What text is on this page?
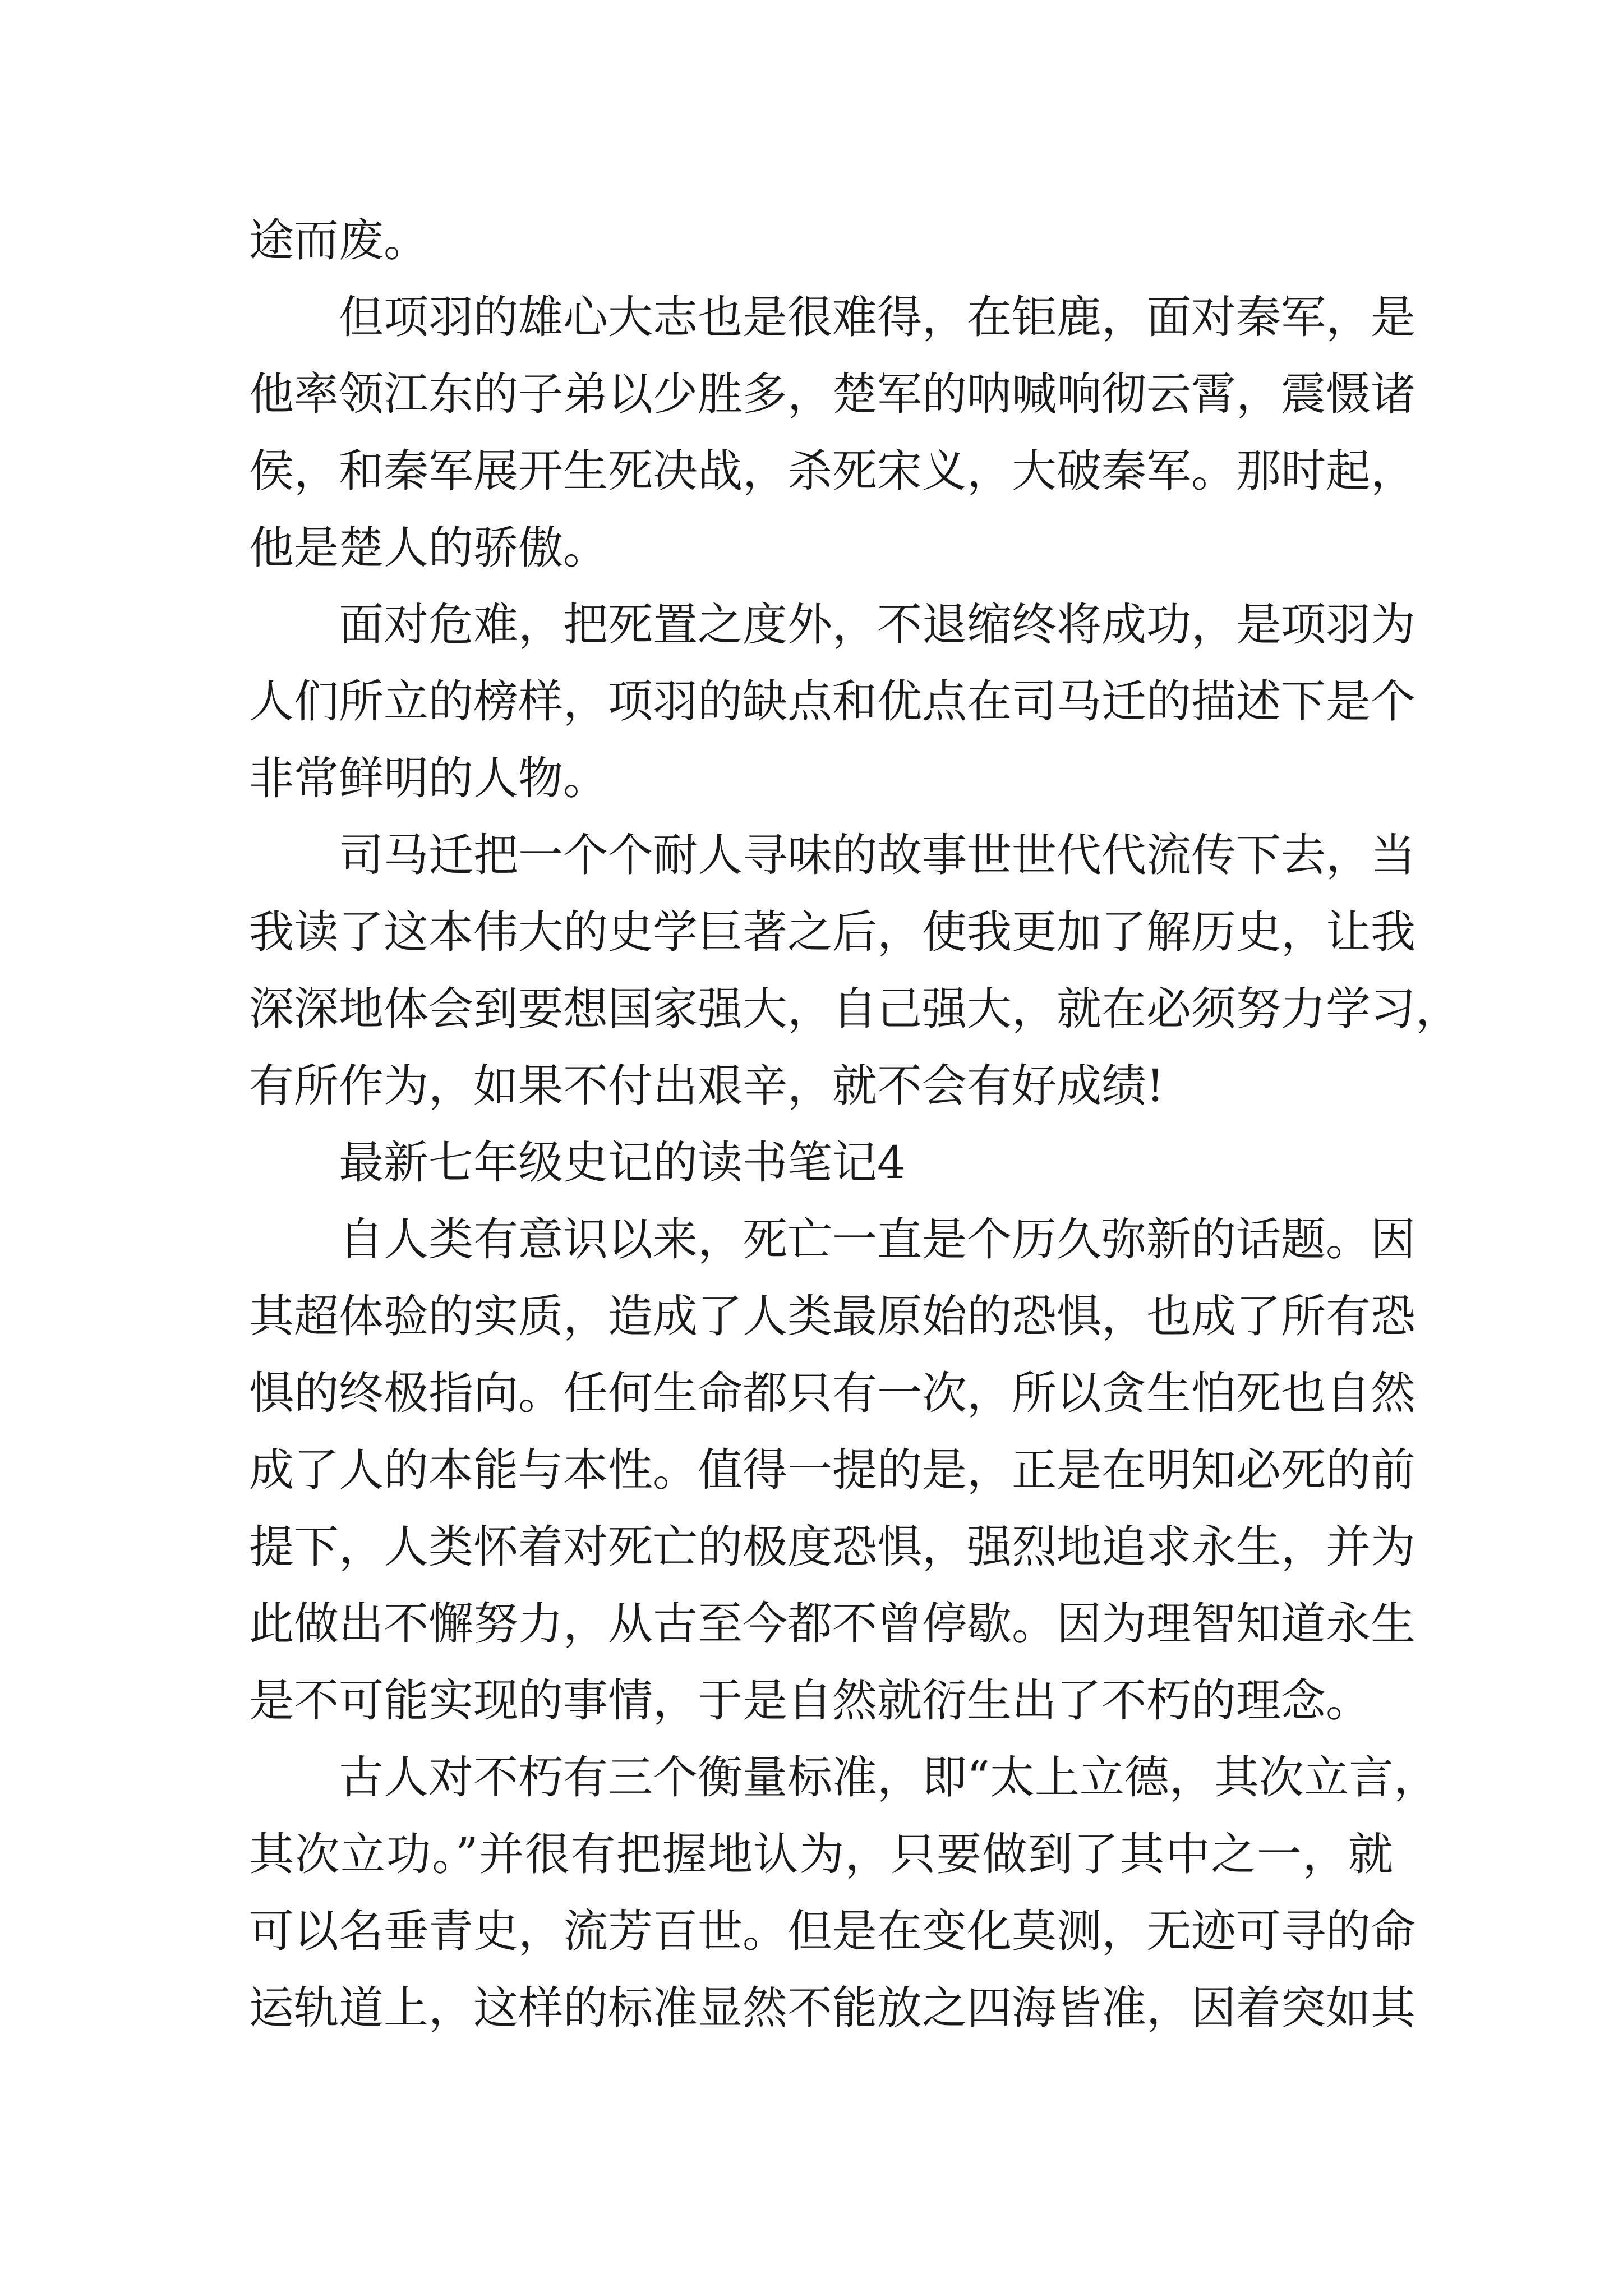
途而废。
但项羽的雄心大志也是很难得，在钜鹿，面对秦军，是
他率领江东的子弟以少胜多，楚军的呐喊响彻云霄，震慑诸
侯，和秦军展开生死决战，杀死宋义，大破秦军。那时起，
他是楚人的骄傲。
面对危难，把死置之度外，不退缩终将成功，是项羽为
人们所立的榜样，项羽的缺点和优点在司马迁的描述下是个
非常鲜明的人物。
司马迁把一个个耐人寻味的故事世世代代流传下去，当
我读了这本伟大的史学巨著之后，使我更加了解历史，让我
深深地体会到要想国家强大，自己强大，就在必须努力学习，
有所作为，如果不付出艰辛，就不会有好成绩!
最新七年级史记的读书笔记4
自人类有意识以来，死亡一直是个历久弥新的话题。因
其超体验的实质，造成了人类最原始的恐惧，也成了所有恐
惧的终极指向。任何生命都只有一次，所以贪生怕死也自然
成了人的本能与本性。值得一提的是，正是在明知必死的前
提下，人类怀着对死亡的极度恐惧，强烈地追求永生，并为
此做出不懈努力，从古至今都不曾停歇。因为理智知道永生
是不可能实现的事情，于是自然就衍生出了不朽的理念。
古人对不朽有三个衡量标准，即“太上立德，其次立言，
其次立功。”并很有把握地认为，只要做到了其中之一，就
可以名垂青史，流芳百世。但是在变化莫测，无迹可寻的命
运轨道上，这样的标准显然不能放之四海皆准，因着突如其
